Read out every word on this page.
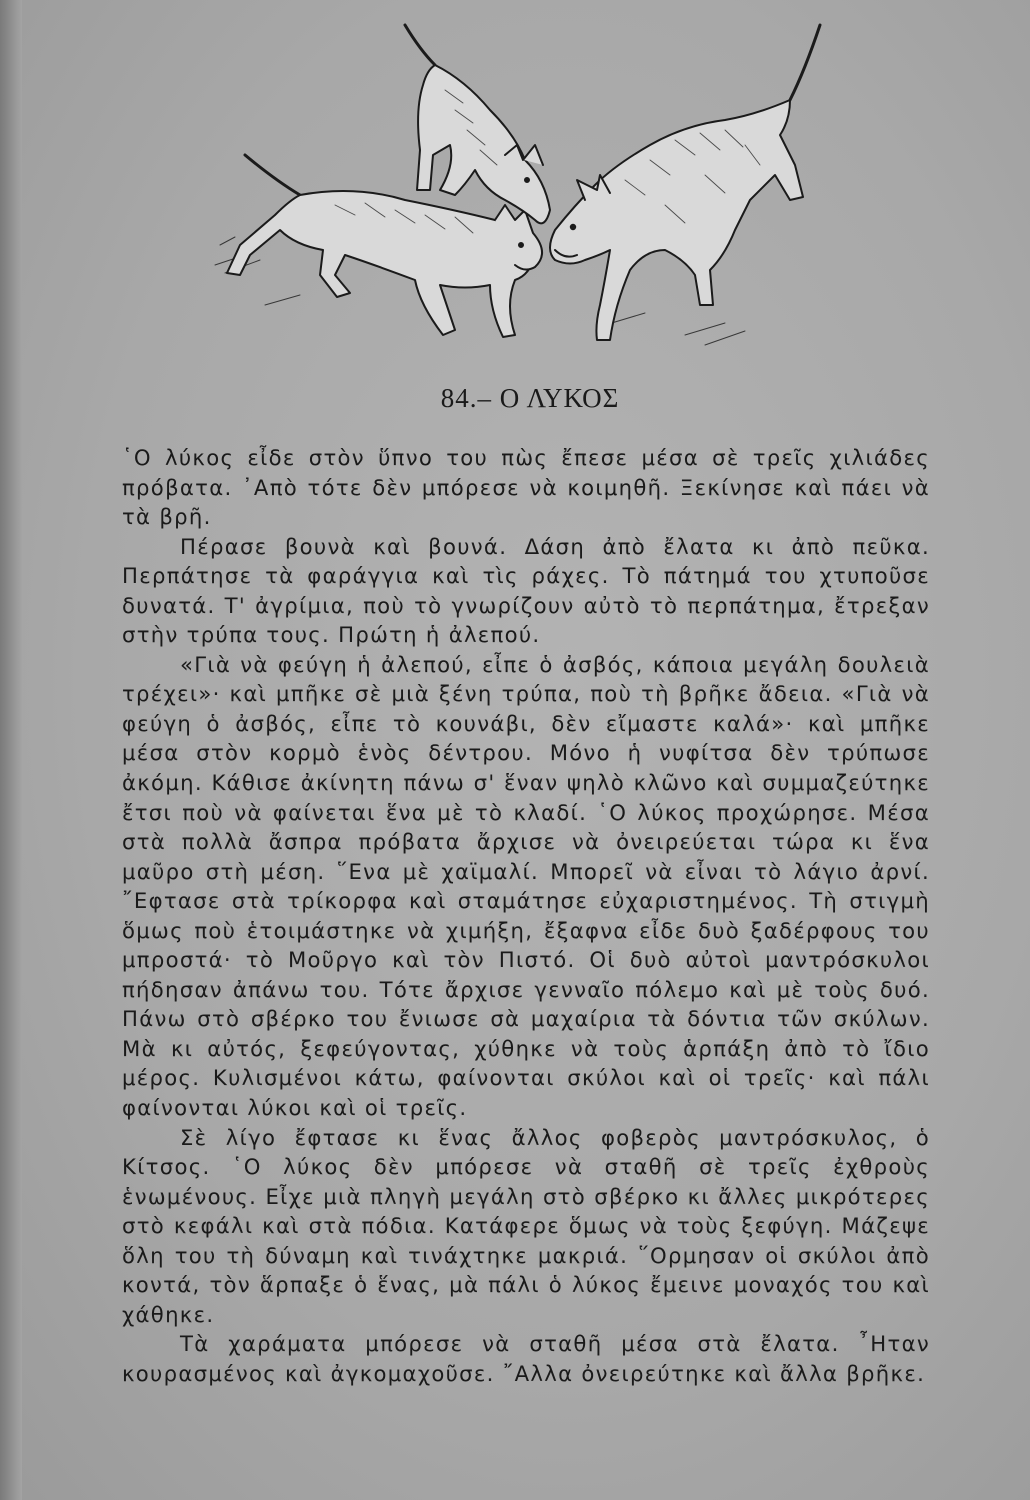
84.– Ο ΛΥΚΟΣ

῾Ο λύκος εἶδε στὸν ὕπνο του πὼς ἔπεσε μέσα σὲ τρεῖς χιλιάδες πρόβατα. ᾿Απὸ τότε δὲν μπόρεσε νὰ κοιμηθῆ. Ξεκίνησε καὶ πάει νὰ τὰ βρῆ.

Πέρασε βουνὰ καὶ βουνά. Δάση ἀπὸ ἔλατα κι ἀπὸ πεῦκα. Περπάτησε τὰ φαράγγια καὶ τὶς ράχες. Τὸ πάτημά του χτυποῦσε δυνατά. Τ' ἀγρίμια, ποὺ τὸ γνωρίζουν αὐτὸ τὸ περπάτημα, ἔτρεξαν στὴν τρύπα τους. Πρώτη ἡ ἀλεπού.

«Γιὰ νὰ φεύγη ἡ ἀλεπού, εἶπε ὁ ἀσβός, κάποια μεγάλη δουλειὰ τρέχει»· καὶ μπῆκε σὲ μιὰ ξένη τρύπα, ποὺ τὴ βρῆκε ἄδεια. «Γιὰ νὰ φεύγη ὁ ἀσβός, εἶπε τὸ κουνάβι, δὲν εἴμαστε καλά»· καὶ μπῆκε μέσα στὸν κορμὸ ἑνὸς δέντρου. Μόνο ἡ νυφίτσα δὲν τρύπωσε ἀκόμη. Κάθισε ἀκίνητη πάνω σ' ἕναν ψηλὸ κλῶνο καὶ συμμαζεύτηκε ἔτσι ποὺ νὰ φαίνεται ἕνα μὲ τὸ κλαδί. ῾Ο λύκος προχώρησε. Μέσα στὰ πολλὰ ἄσπρα πρόβατα ἄρχισε νὰ ὀνειρεύεται τώρα κι ἕνα μαῦρο στὴ μέση. ῞Ενα μὲ χαϊμαλί. Μπορεῖ νὰ εἶναι τὸ λάγιο ἀρνί. ῎Εφτασε στὰ τρίκορφα καὶ σταμάτησε εὐχαριστημένος. Τὴ στιγμὴ ὅμως ποὺ ἑτοιμάστηκε νὰ χιμήξη, ἔξαφνα εἶδε δυὸ ξαδέρφους του μπροστά· τὸ Μοῦργο καὶ τὸν Πιστό. Οἱ δυὸ αὐτοὶ μαντρόσκυλοι πήδησαν ἀπάνω του. Τότε ἄρχισε γενναῖο πόλεμο καὶ μὲ τοὺς δυό. Πάνω στὸ σβέρκο του ἔνιωσε σὰ μαχαίρια τὰ δόντια τῶν σκύλων. Μὰ κι αὐτός, ξεφεύγοντας, χύθηκε νὰ τοὺς ἁρπάξη ἀπὸ τὸ ἴδιο μέρος. Κυλισμένοι κάτω, φαίνονται σκύλοι καὶ οἱ τρεῖς· καὶ πάλι φαίνονται λύκοι καὶ οἱ τρεῖς.

Σὲ λίγο ἔφτασε κι ἕνας ἄλλος φοβερὸς μαντρόσκυλος, ὁ Κίτσος. ῾Ο λύκος δὲν μπόρεσε νὰ σταθῆ σὲ τρεῖς ἐχθροὺς ἑνωμένους. Εἶχε μιὰ πληγὴ μεγάλη στὸ σβέρκο κι ἄλλες μικρότερες στὸ κεφάλι καὶ στὰ πόδια. Κατάφερε ὅμως νὰ τοὺς ξεφύγη. Μάζεψε ὅλη του τὴ δύναμη καὶ τινάχτηκε μακριά. ῞Ορμησαν οἱ σκύλοι ἀπὸ κοντά, τὸν ἅρπαξε ὁ ἕνας, μὰ πάλι ὁ λύκος ἔμεινε μοναχός του καὶ χάθηκε.

Τὰ χαράματα μπόρεσε νὰ σταθῆ μέσα στὰ ἔλατα. ῏Ηταν κουρασμένος καὶ ἀγκομαχοῦσε. ῎Αλλα ὀνειρεύτηκε καὶ ἄλλα βρῆκε.
